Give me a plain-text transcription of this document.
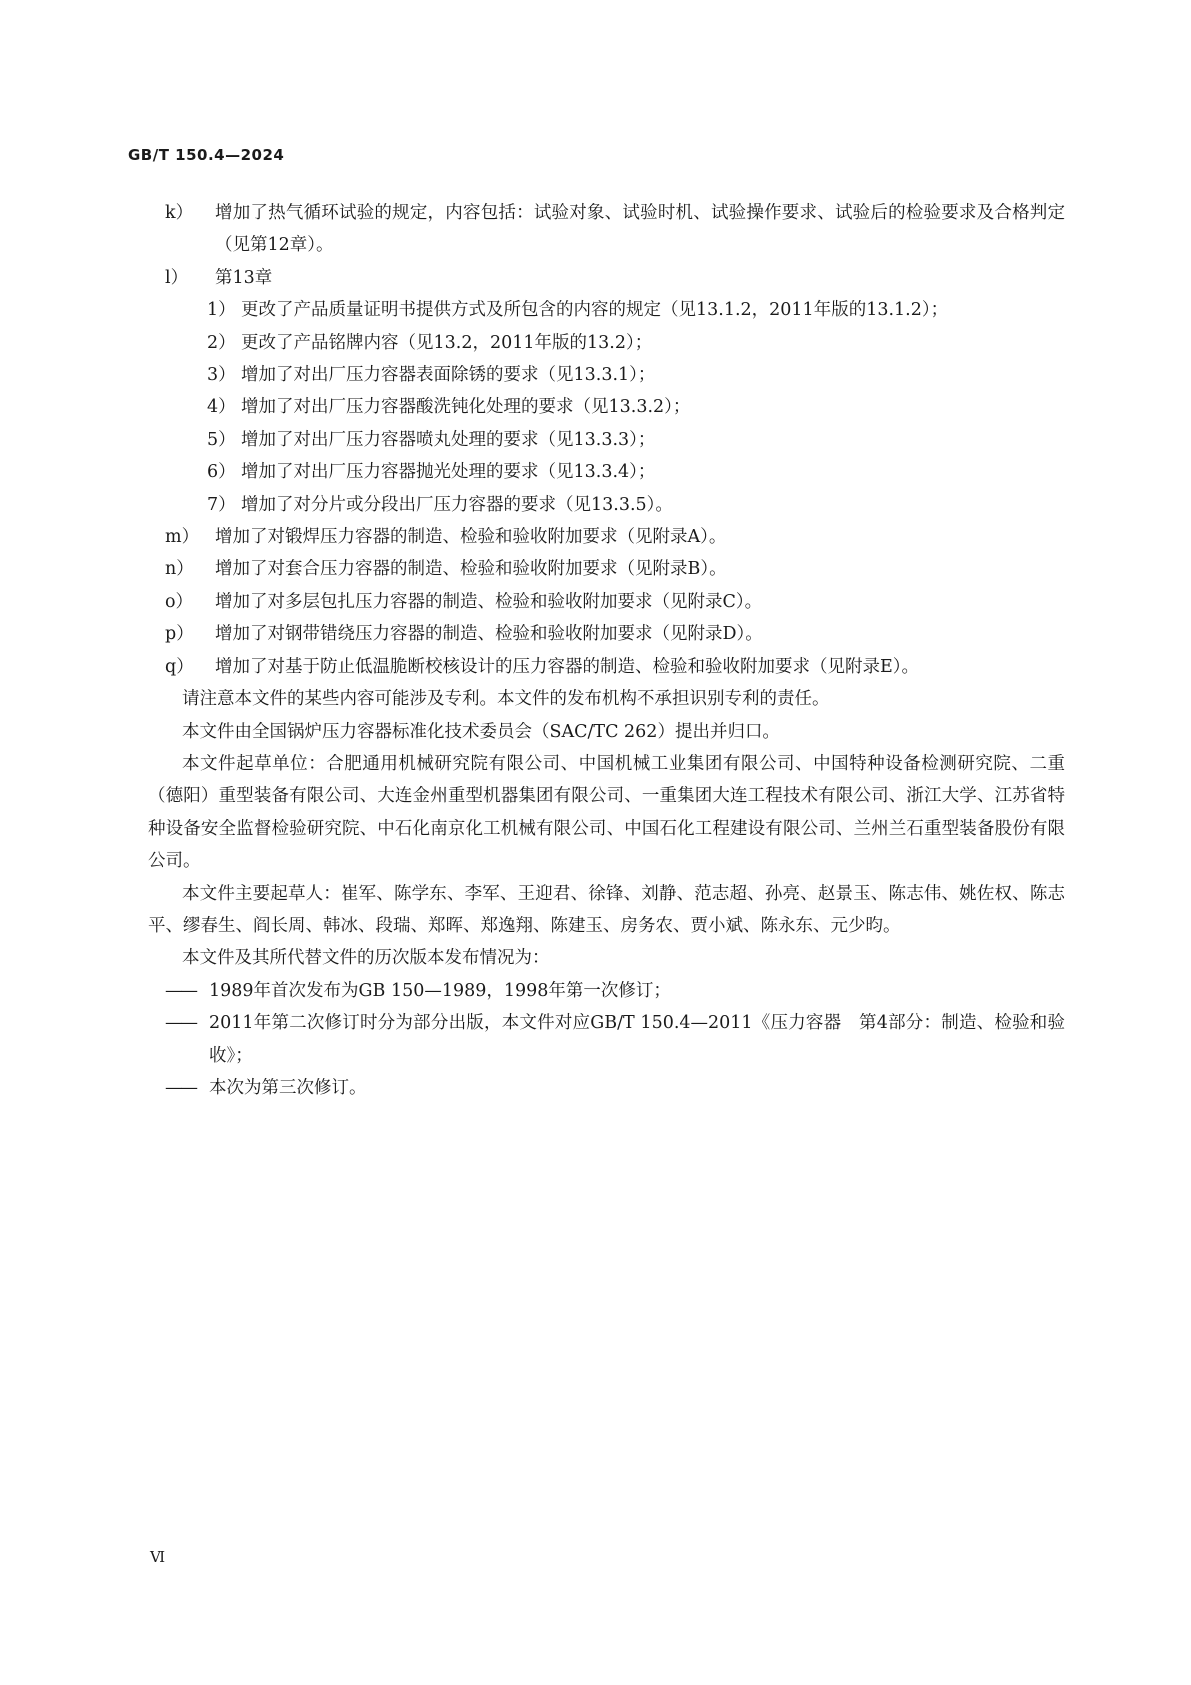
GB/T 150.4—2024
k）	增加了热气循环试验的规定，内容包括：试验对象、试验时机、试验操作要求、试验后的检验要求及合格判定（见第12章）。
l）	第13章
1） 更改了产品质量证明书提供方式及所包含的内容的规定（见13.1.2，2011年版的13.1.2）；
2） 更改了产品铭牌内容（见13.2，2011年版的13.2）；
3） 增加了对出厂压力容器表面除锈的要求（见13.3.1）；
4） 增加了对出厂压力容器酸洗钝化处理的要求（见13.3.2）；
5） 增加了对出厂压力容器喷丸处理的要求（见13.3.3）；
6） 增加了对出厂压力容器抛光处理的要求（见13.3.4）；
7） 增加了对分片或分段出厂压力容器的要求（见13.3.5）。
m） 增加了对锻焊压力容器的制造、检验和验收附加要求（见附录A）。
n）	增加了对套合压力容器的制造、检验和验收附加要求（见附录B）。
o）	增加了对多层包扎压力容器的制造、检验和验收附加要求（见附录C）。
p）	增加了对钢带错绕压力容器的制造、检验和验收附加要求（见附录D）。
q）	增加了对基于防止低温脆断校核设计的压力容器的制造、检验和验收附加要求（见附录E）。
请注意本文件的某些内容可能涉及专利。本文件的发布机构不承担识别专利的责任。
本文件由全国锅炉压力容器标准化技术委员会（SAC/TC 262）提出并归口。
本文件起草单位：合肥通用机械研究院有限公司、中国机械工业集团有限公司、中国特种设备检测研究院、二重（德阳）重型装备有限公司、大连金州重型机器集团有限公司、一重集团大连工程技术有限公司、浙江大学、江苏省特种设备安全监督检验研究院、中石化南京化工机械有限公司、中国石化工程建设有限公司、兰州兰石重型装备股份有限公司。
本文件主要起草人：崔军、陈学东、李军、王迎君、徐锋、刘静、范志超、孙亮、赵景玉、陈志伟、姚佐权、陈志平、缪春生、阎长周、韩冰、段瑞、郑晖、郑逸翔、陈建玉、房务农、贾小斌、陈永东、元少昀。
本文件及其所代替文件的历次版本发布情况为：
—— 1989年首次发布为GB 150—1989，1998年第一次修订；
—— 2011年第二次修订时分为部分出版，本文件对应GB/T 150.4—2011《压力容器　第4部分：制造、检验和验收》；
—— 本次为第三次修订。
Ⅵ
